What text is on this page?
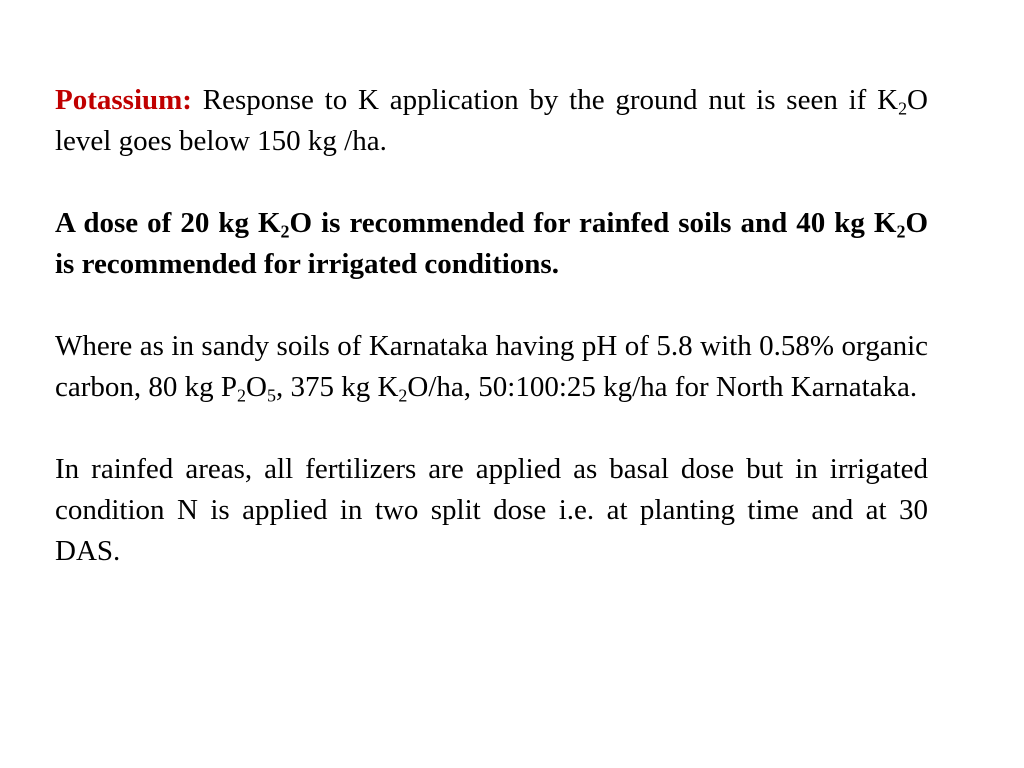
Potassium: Response to K application by the ground nut is seen if $K_2O$ level goes below 150 kg /ha.

A dose of 20 kg $K_2O$ is recommended for rainfed soils and 40 kg $K_2O$ is recommended for irrigated conditions.

Where as in sandy soils of Karnataka having pH of 5.8 with 0.58% organic carbon, 80 kg $P_2O_5$, 375 kg $K_2O/ha$, 50:100:25 kg/ha for North Karnataka.

In rainfed areas, all fertilizers are applied as basal dose but in irrigated condition N is applied in two split dose i.e. at planting time and at 30 DAS.
